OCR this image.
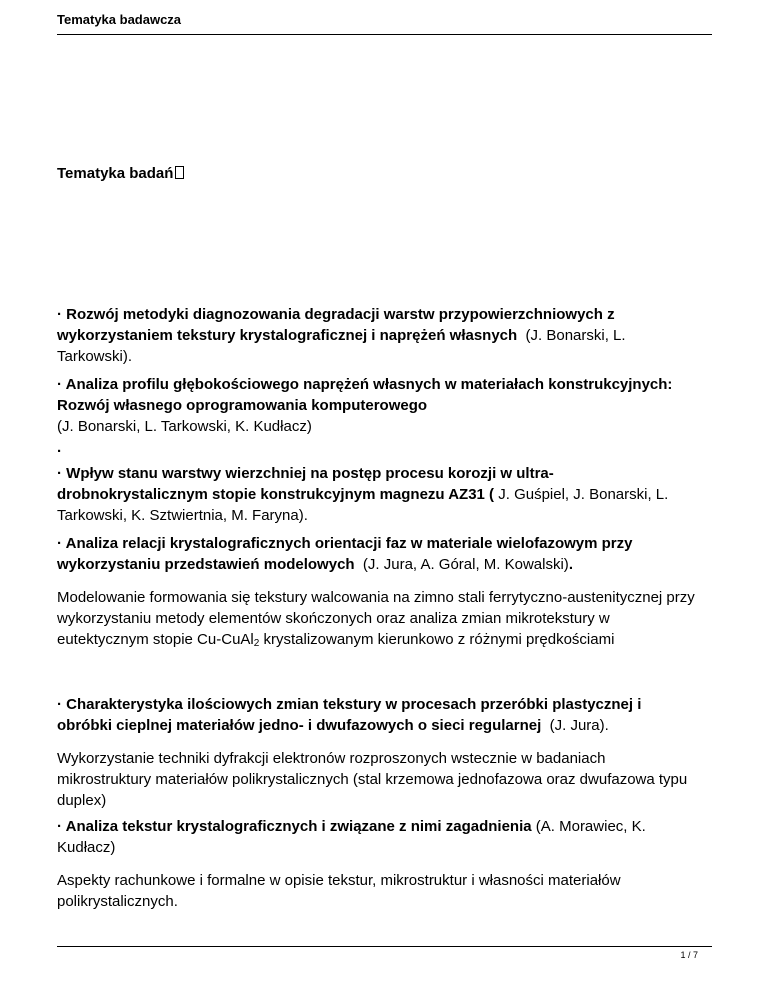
Tematyka badawcza
Tematyka badań

· Rozwój metodyki diagnozowania degradacji warstw przypowierzchniowych z wykorzystaniem tekstury krystalograficznej i naprężeń własnych (J. Bonarski, L. Tarkowski).

· Analiza profilu głębokościowego naprężeń własnych w materiałach konstrukcyjnych: Rozwój własnego oprogramowania komputerowego
(J. Bonarski, L. Tarkowski, K. Kudłacz)
.

· Wpływ stanu warstwy wierzchniej na postęp procesu korozji w ultra-drobnokrystalicznym stopie konstrukcyjnym magnezu AZ31 ( J. Guśpiel, J. Bonarski, L. Tarkowski, K. Sztwiertnia, M. Faryna).

· Analiza relacji krystalograficznych orientacji faz w materiale wielofazowym przy wykorzystaniu przedstawień modelowych (J. Jura, A. Góral, M. Kowalski).

Modelowanie formowania się tekstury walcowania na zimno stali ferrytyczno-austenitycznej przy wykorzystaniu metody elementów skończonych oraz analiza zmian mikrotekstury w eutektycznym stopie Cu-CuAl$_2$ krystalizowanym kierunkowo z różnymi prędkościami

· Charakterystyka ilościowych zmian tekstury w procesach przeróbki plastycznej i obróbki cieplnej materiałów jedno- i dwufazowych o sieci regularnej (J. Jura).

Wykorzystanie techniki dyfrakcji elektronów rozproszonych wstecznie w badaniach mikrostruktury materiałów polikrystalicznych (stal krzemowa jednofazowa oraz dwufazowa typu duplex)

· Analiza tekstur krystalograficznych i związane z nimi zagadnienia (A. Morawiec, K. Kudłacz)

Aspekty rachunkowe i formalne w opisie tekstur, mikrostruktur i własności materiałów polikrystalicznych.

1 / 7
